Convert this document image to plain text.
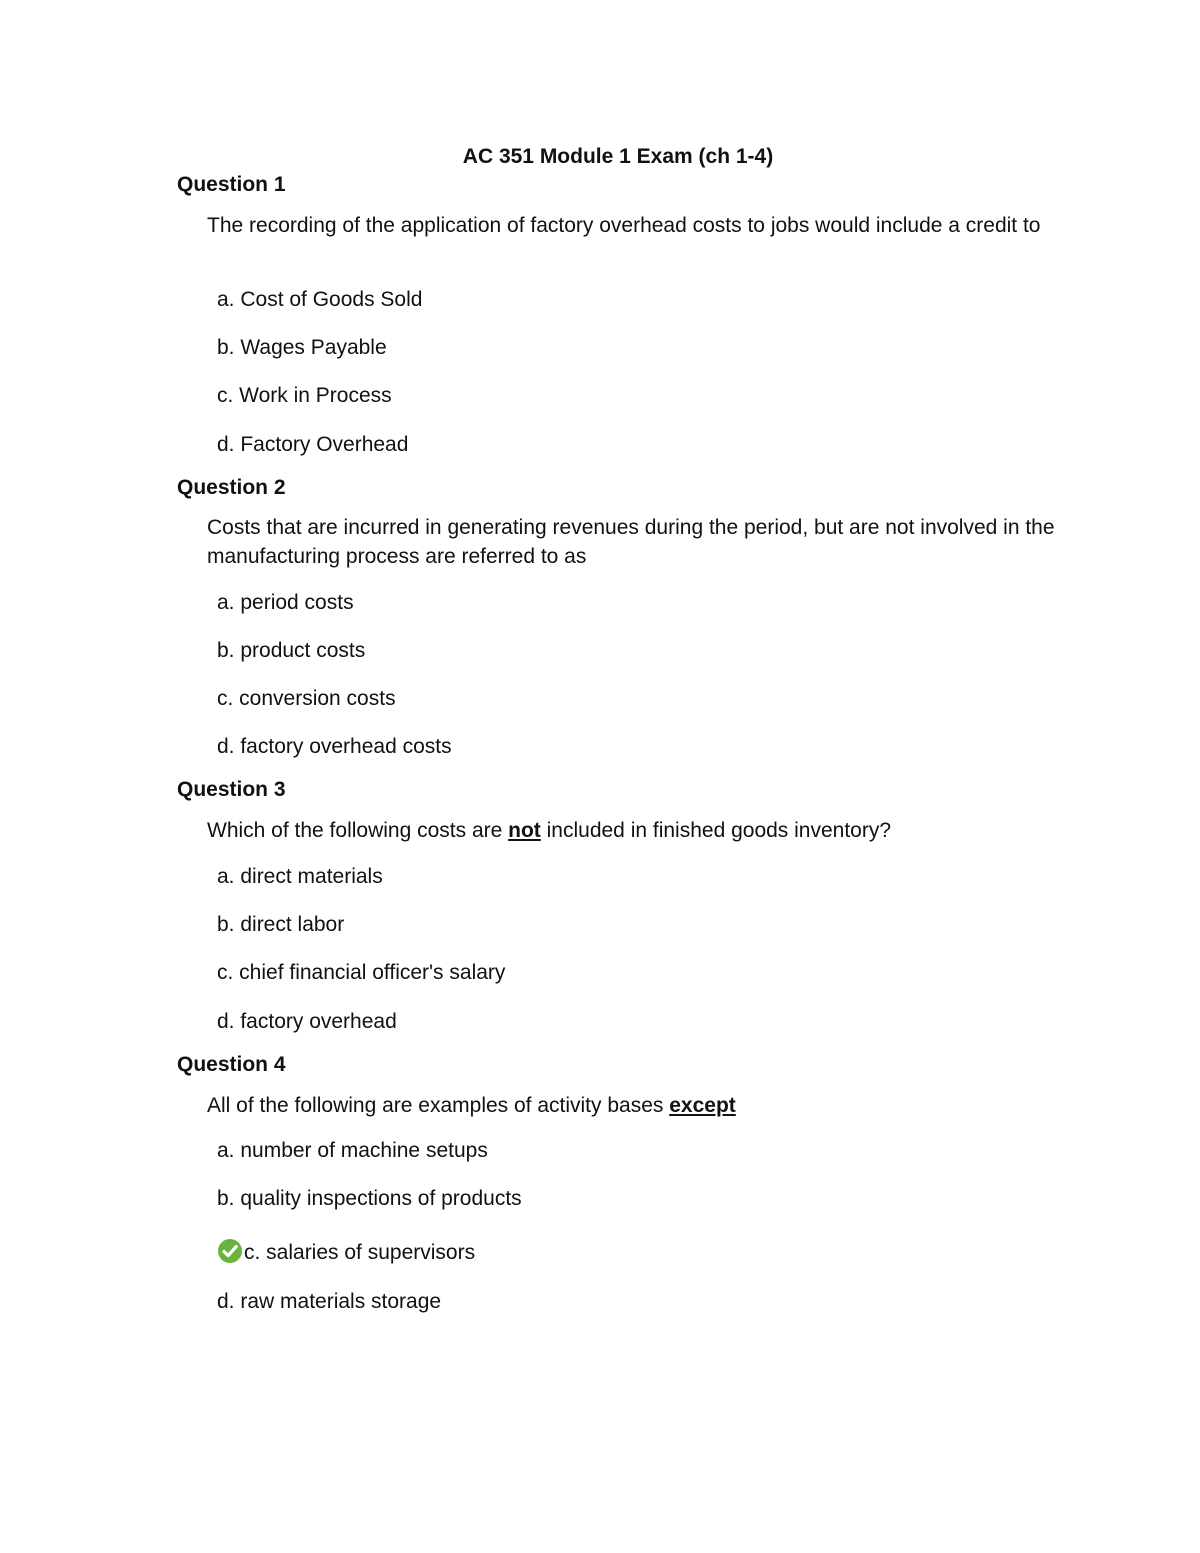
AC 351 Module 1 Exam (ch 1-4)
Question 1
The recording of the application of factory overhead costs to jobs would include a credit to
a. Cost of Goods Sold
b. Wages Payable
c. Work in Process
d. Factory Overhead
Question 2
Costs that are incurred in generating revenues during the period, but are not involved in the manufacturing process are referred to as
a. period costs
b. product costs
c. conversion costs
d. factory overhead costs
Question 3
Which of the following costs are not included in finished goods inventory?
a. direct materials
b. direct labor
c. chief financial officer's salary
d. factory overhead
Question 4
All of the following are examples of activity bases except
a. number of machine setups
b. quality inspections of products
c. salaries of supervisors
d. raw materials storage
